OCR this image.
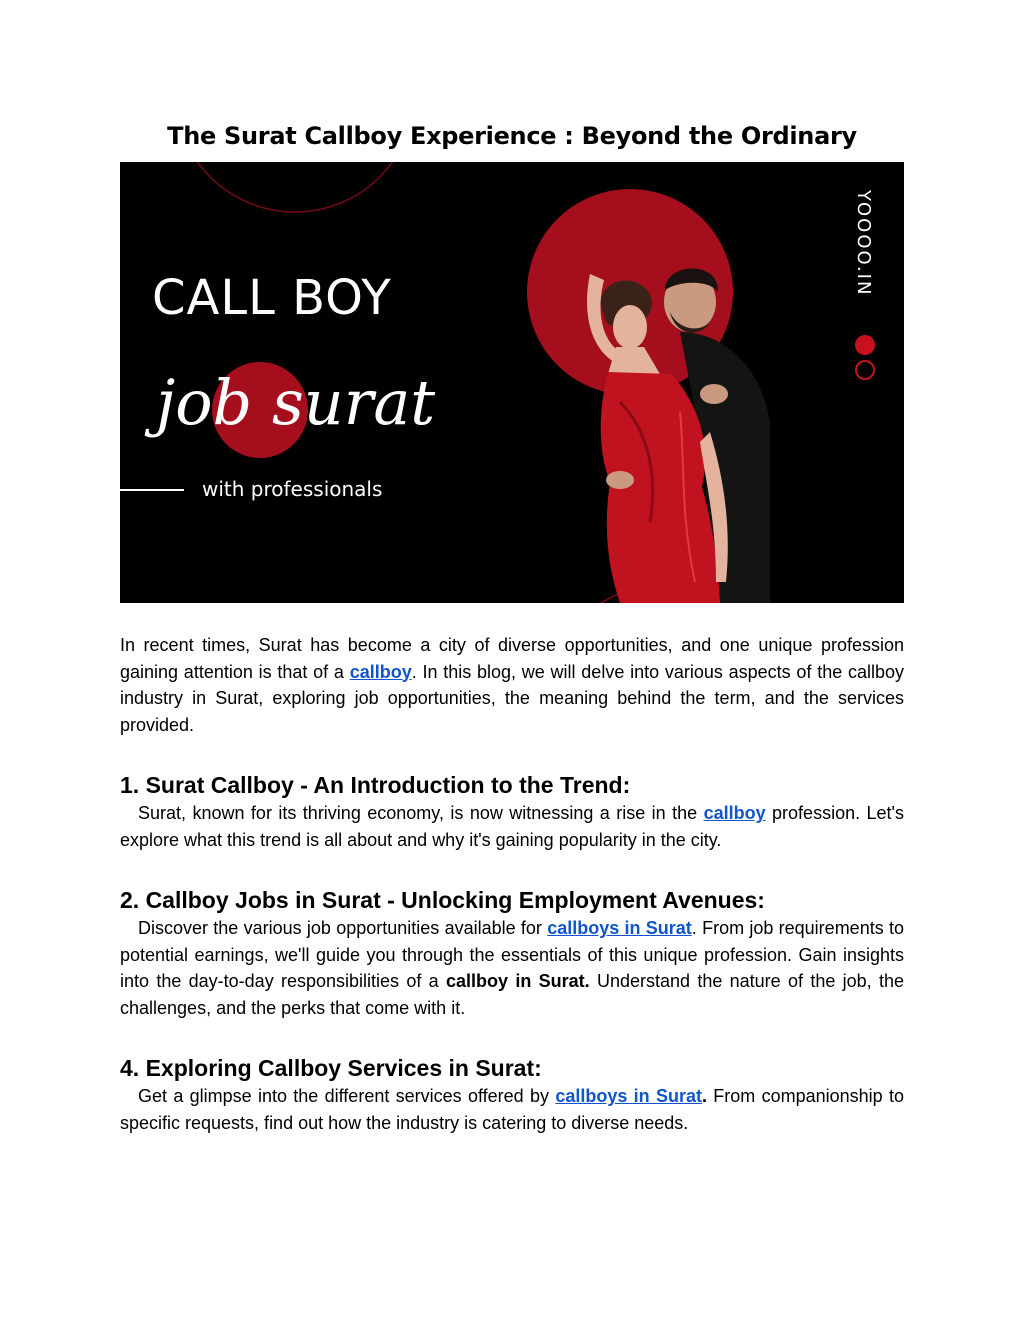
The Surat Callboy Experience : Beyond the Ordinary
CALL BOY
job surat
with professionals
YOOOO.IN

In recent times, Surat has become a city of diverse opportunities, and one unique profession gaining attention is that of a callboy. In this blog, we will delve into various aspects of the callboy industry in Surat, exploring job opportunities, the meaning behind the term, and the services provided.

1. Surat Callboy - An Introduction to the Trend:

Surat, known for its thriving economy, is now witnessing a rise in the callboy profession. Let's explore what this trend is all about and why it's gaining popularity in the city.

2. Callboy Jobs in Surat - Unlocking Employment Avenues:

Discover the various job opportunities available for callboys in Surat. From job requirements to potential earnings, we'll guide you through the essentials of this unique profession. Gain insights into the day-to-day responsibilities of a callboy in Surat. Understand the nature of the job, the challenges, and the perks that come with it.

4. Exploring Callboy Services in Surat:

Get a glimpse into the different services offered by callboys in Surat. From companionship to specific requests, find out how the industry is catering to diverse needs.
